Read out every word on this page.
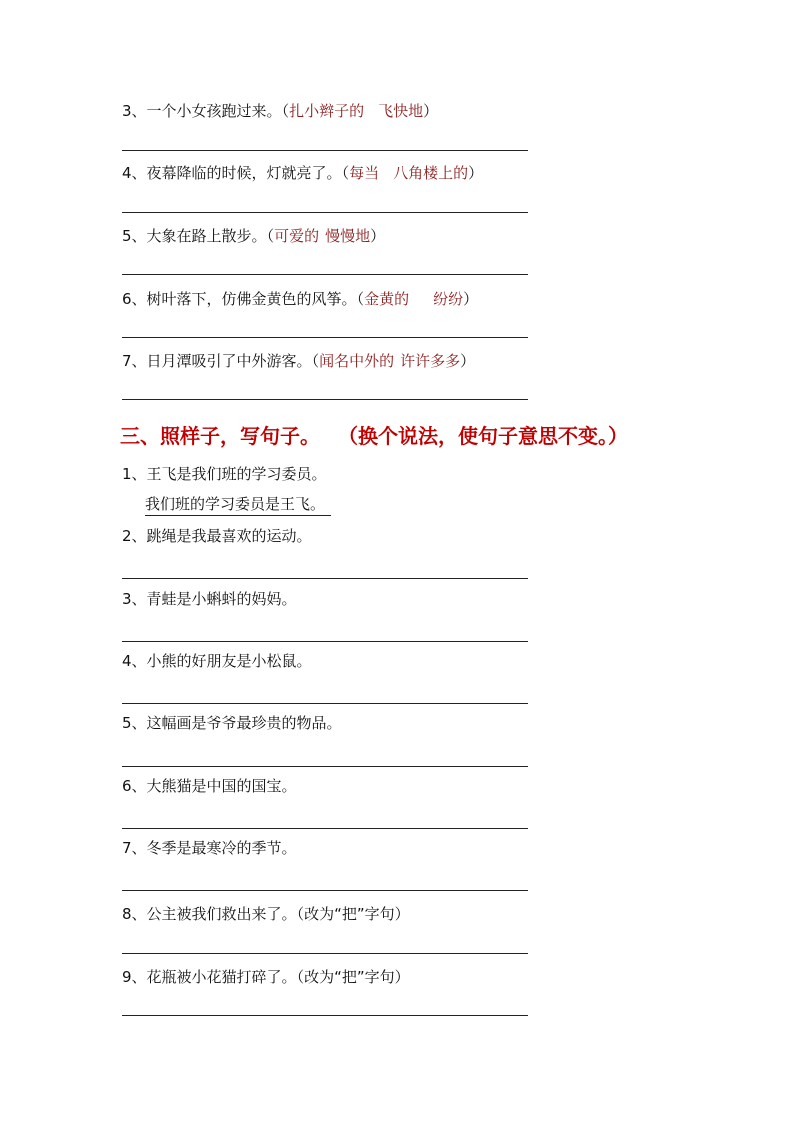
3、一个小女孩跑过来。（扎小辫子的 飞快地）
4、夜幕降临的时候，灯就亮了。（每当 八角楼上的）
5、大象在路上散步。（可爱的 慢慢地）
6、树叶落下，仿佛金黄色的风筝。（金黄的 纷纷）
7、日月潭吸引了中外游客。（闻名中外的 许许多多）
三、照样子，写句子。 （换个说法，使句子意思不变。）
1、王飞是我们班的学习委员。
我们班的学习委员是王飞。
2、跳绳是我最喜欢的运动。
3、青蛙是小蝌蚪的妈妈。
4、小熊的好朋友是小松鼠。
5、这幅画是爷爷最珍贵的物品。
6、大熊猫是中国的国宝。
7、冬季是最寒冷的季节。
8、公主被我们救出来了。（改为“把”字句）
9、花瓶被小花猫打碎了。（改为“把”字句）
